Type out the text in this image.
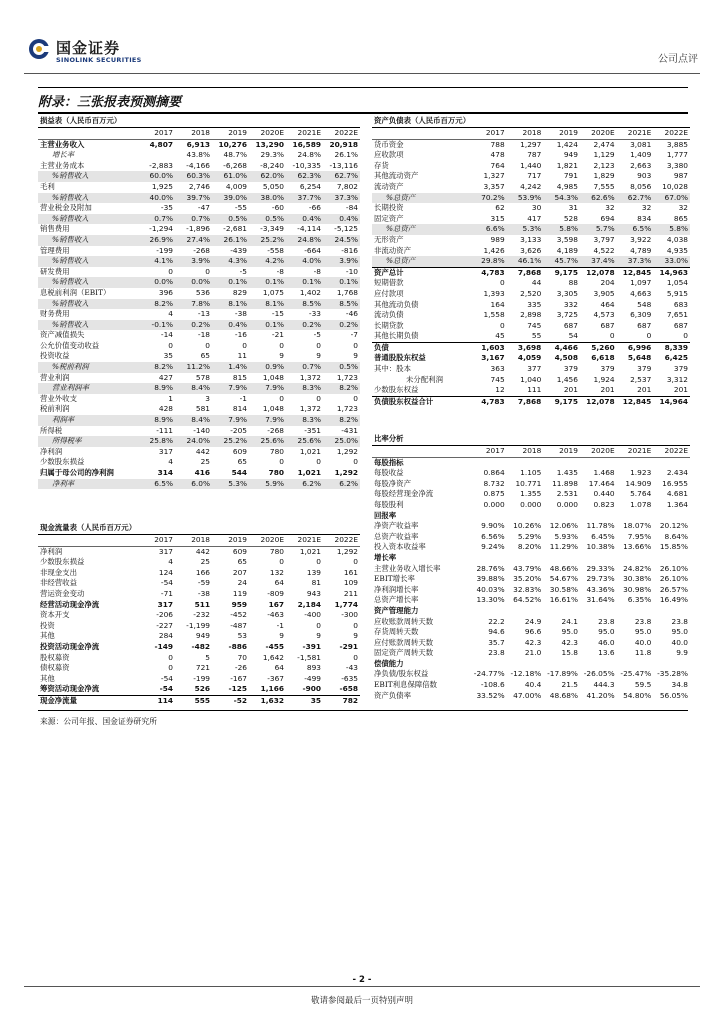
国金证券
SINOLINK SECURITIES	公司点评
附录：三张报表预测摘要
损益表（人民币百万元）						
	2017	2018	2019	2020E	2021E	2022E
主营业务收入	4,807	6,913	10,276	13,290	16,589	20,918
增长率		43.8%	48.7%	29.3%	24.8%	26.1%
主营业务成本	-2,883	-4,166	-6,268	-8,240	-10,335	-13,116
%销售收入	60.0%	60.3%	61.0%	62.0%	62.3%	62.7%
毛利	1,925	2,746	4,009	5,050	6,254	7,802
%销售收入	40.0%	39.7%	39.0%	38.0%	37.7%	37.3%
营业税金及附加	-35	-47	-55	-60	-66	-84
%销售收入	0.7%	0.7%	0.5%	0.5%	0.4%	0.4%
销售费用	-1,294	-1,896	-2,681	-3,349	-4,114	-5,125
%销售收入	26.9%	27.4%	26.1%	25.2%	24.8%	24.5%
管理费用	-199	-268	-439	-558	-664	-816
%销售收入	4.1%	3.9%	4.3%	4.2%	4.0%	3.9%
研发费用	0	0	-5	-8	-8	-10
%销售收入	0.0%	0.0%	0.1%	0.1%	0.1%	0.1%
息税前利润（EBIT）	396	536	829	1,075	1,402	1,768
%销售收入	8.2%	7.8%	8.1%	8.1%	8.5%	8.5%
财务费用	4	-13	-38	-15	-33	-46
%销售收入	-0.1%	0.2%	0.4%	0.1%	0.2%	0.2%
资产减值损失	-14	-18	-16	-21	-5	-7
公允价值变动收益	0	0	0	0	0	0
投资收益	35	65	11	9	9	9
%税前利润	8.2%	11.2%	1.4%	0.9%	0.7%	0.5%
营业利润	427	578	815	1,048	1,372	1,723
营业利润率	8.9%	8.4%	7.9%	7.9%	8.3%	8.2%
营业外收支	1	3	-1	0	0	0
税前利润	428	581	814	1,048	1,372	1,723
利润率	8.9%	8.4%	7.9%	7.9%	8.3%	8.2%
所得税	-111	-140	-205	-268	-351	-431
所得税率	25.8%	24.0%	25.2%	25.6%	25.6%	25.0%
净利润	317	442	609	780	1,021	1,292
少数股东损益	4	25	65	0	0	0
归属于母公司的净利润	314	416	544	780	1,021	1,292
净利率	6.5%	6.0%	5.3%	5.9%	6.2%	6.2%
资产负债表（人民币百万元）						
	2017	2018	2019	2020E	2021E	2022E
货币资金	788	1,297	1,424	2,474	3,081	3,885
应收款项	478	787	949	1,129	1,409	1,777
存货	764	1,440	1,821	2,123	2,663	3,380
其他流动资产	1,327	717	791	1,829	903	987
流动资产	3,357	4,242	4,985	7,555	8,056	10,028
%总资产	70.2%	53.9%	54.3%	62.6%	62.7%	67.0%
长期投资	62	30	31	32	32	32
固定资产	315	417	528	694	834	865
%总资产	6.6%	5.3%	5.8%	5.7%	6.5%	5.8%
无形资产	989	3,133	3,598	3,797	3,922	4,038
非流动资产	1,426	3,626	4,189	4,522	4,789	4,935
%总资产	29.8%	46.1%	45.7%	37.4%	37.3%	33.0%
资产总计	4,783	7,868	9,175	12,078	12,845	14,963
短期借款	0	44	88	204	1,097	1,054
应付款项	1,393	2,520	3,305	3,905	4,663	5,915
其他流动负债	164	335	332	464	548	683
流动负债	1,558	2,898	3,725	4,573	6,309	7,651
长期贷款	0	745	687	687	687	687
其他长期负债	45	55	54	0	0	0
负债	1,603	3,698	4,466	5,260	6,996	8,339
普通股股东权益	3,167	4,059	4,508	6,618	5,648	6,425
其中：股本	363	377	379	379	379	379
未分配利润	745	1,040	1,456	1,924	2,537	3,312
少数股东权益	12	111	201	201	201	201
负债股东权益合计	4,783	7,868	9,175	12,078	12,845	14,964
比率分析						
	2017	2018	2019	2020E	2021E	2022E
每股指标						
每股收益	0.864	1.105	1.435	1.468	1.923	2.434
每股净资产	8.732	10.771	11.898	17.464	14.909	16.955
每股经营现金净流	0.875	1.355	2.531	0.440	5.764	4.681
每股股利	0.000	0.000	0.000	0.823	1.078	1.364
回报率						
净资产收益率	9.90%	10.26%	12.06%	11.78%	18.07%	20.12%
总资产收益率	6.56%	5.29%	5.93%	6.45%	7.95%	8.64%
投入资本收益率	9.24%	8.20%	11.29%	10.38%	13.66%	15.85%
增长率						
主营业务收入增长率	28.76%	43.79%	48.66%	29.33%	24.82%	26.10%
EBIT增长率	39.88%	35.20%	54.67%	29.73%	30.38%	26.10%
净利润增长率	40.03%	32.83%	30.58%	43.36%	30.98%	26.57%
总资产增长率	13.30%	64.52%	16.61%	31.64%	6.35%	16.49%
资产管理能力						
应收账款周转天数	22.2	24.9	24.1	23.8	23.8	23.8
存货周转天数	94.6	96.6	95.0	95.0	95.0	95.0
应付账款周转天数	35.7	42.3	42.3	46.0	40.0	40.0
固定资产周转天数	23.8	21.0	15.8	13.6	11.8	9.9
偿债能力						
净负债/股东权益	-24.77%	-12.18%	-17.89%	-26.05%	-25.47%	-35.28%
EBIT利息保障倍数	-108.6	40.4	21.5	444.3	59.5	34.8
资产负债率	33.52%	47.00%	48.68%	41.20%	54.80%	56.05%
现金流量表（人民币百万元）						
	2017	2018	2019	2020E	2021E	2022E
净利润	317	442	609	780	1,021	1,292
少数股东损益	4	25	65	0	0	0
非现金支出	124	166	207	132	139	161
非经营收益	-54	-59	24	64	81	109
营运资金变动	-71	-38	119	-809	943	211
经营活动现金净流	317	511	959	167	2,184	1,774
资本开支	-206	-232	-452	-463	-400	-300
投资	-227	-1,199	-487	-1	0	0
其他	284	949	53	9	9	9
投资活动现金净流	-149	-482	-886	-455	-391	-291
股权募资	0	5	70	1,642	-1,581	0
债权募资	0	721	-26	64	893	-43
其他	-54	-199	-167	-367	-499	-635
筹资活动现金净流	-54	526	-125	1,166	-900	-658
现金净流量	114	555	-52	1,632	35	782
来源：公司年报、国金证券研究所
- 2 -
敬请参阅最后一页特别声明
